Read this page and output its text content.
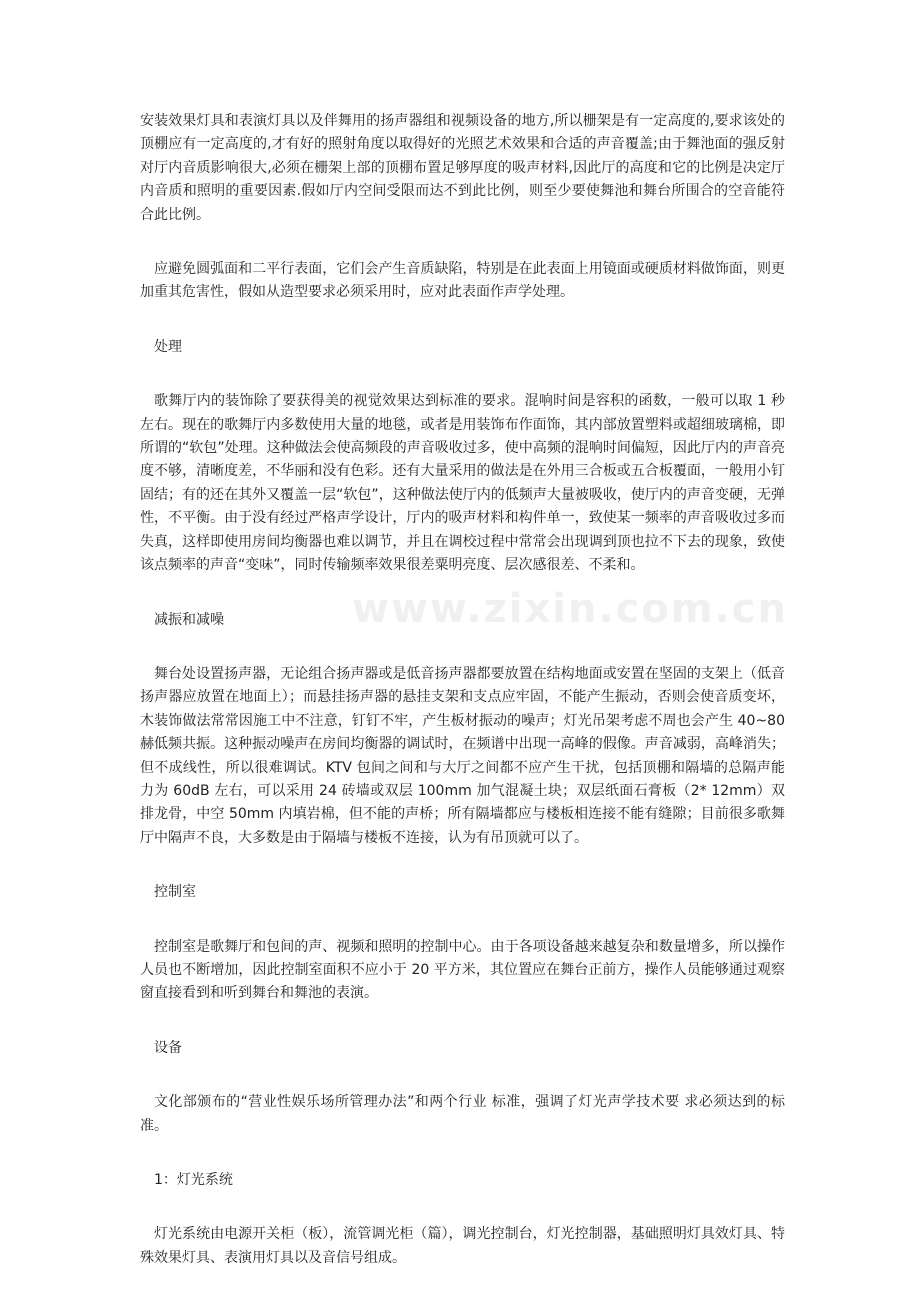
www.zixin.com.cn

安装效果灯具和表演灯具以及伴舞用的扬声器组和视频设备的地方,所以栅架是有一定高度的,要求该处的顶棚应有一定高度的,才有好的照射角度以取得好的光照艺术效果和合适的声音覆盖;由于舞池面的强反射对厅内音质影响很大,必须在栅架上部的顶棚布置足够厚度的吸声材料,因此厅的高度和它的比例是决定厅内音质和照明的重要因素.假如厅内空间受限而达不到此比例，则至少要使舞池和舞台所围合的空音能符合此比例。

应避免圆弧面和二平行表面，它们会产生音质缺陷，特别是在此表面上用镜面或硬质材料做饰面，则更加重其危害性，假如从造型要求必须采用时，应对此表面作声学处理。

处理

歌舞厅内的装饰除了要获得美的视觉效果达到标准的要求。混响时间是容积的函数，一般可以取 1 秒左右。现在的歌舞厅内多数使用大量的地毯，或者是用装饰布作面饰，其内部放置塑料或超细玻璃棉，即所谓的“软包”处理。这种做法会使高频段的声音吸收过多，使中高频的混响时间偏短，因此厅内的声音亮度不够，清晰度差，不华丽和没有色彩。还有大量采用的做法是在外用三合板或五合板覆面，一般用小钉固结；有的还在其外又覆盖一层“软包”，这种做法使厅内的低频声大量被吸收，使厅内的声音变硬，无弹性，不平衡。由于没有经过严格声学设计，厅内的吸声材料和构件单一，致使某一频率的声音吸收过多而失真，这样即使用房间均衡器也难以调节，并且在调校过程中常常会出现调到顶也拉不下去的现象，致使该点频率的声音“变味”，同时传输频率效果很差粟明亮度、层次感很差、不柔和。

减振和减噪

舞台处设置扬声器，无论组合扬声器或是低音扬声器都要放置在结构地面或安置在坚固的支架上（低音扬声器应放置在地面上）；而悬挂扬声器的悬挂支架和支点应牢固，不能产生振动，否则会使音质变坏，木装饰做法常常因施工中不注意，钉钉不牢，产生板材振动的噪声；灯光吊架考虑不周也会产生 40~80 赫低频共振。这种振动噪声在房间均衡器的调试时，在频谱中出现一高峰的假像。声音减弱，高峰消失；但不成线性，所以很难调试。KTV 包间之间和与大厅之间都不应产生干扰，包括顶棚和隔墙的总隔声能力为 60dB 左右，可以采用 24 砖墙或双层 100mm 加气混凝土块；双层纸面石膏板（2* 12mm）双排龙骨，中空 50mm 内填岩棉，但不能的声桥；所有隔墙都应与楼板相连接不能有缝隙；目前很多歌舞厅中隔声不良，大多数是由于隔墙与楼板不连接，认为有吊顶就可以了。

控制室

控制室是歌舞厅和包间的声、视频和照明的控制中心。由于各项设备越来越复杂和数量增多，所以操作人员也不断增加，因此控制室面积不应小于 20 平方米，其位置应在舞台正前方，操作人员能够通过观察窗直接看到和听到舞台和舞池的表演。

设备

文化部颁布的“营业性娱乐场所管理办法”和两个行业 标准，强调了灯光声学技术要 求必须达到的标准。

1：灯光系统

灯光系统由电源开关柜（板），流管调光柜（篇），调光控制台，灯光控制器，基础照明灯具效灯具、特殊效果灯具、表演用灯具以及音信号组成。
